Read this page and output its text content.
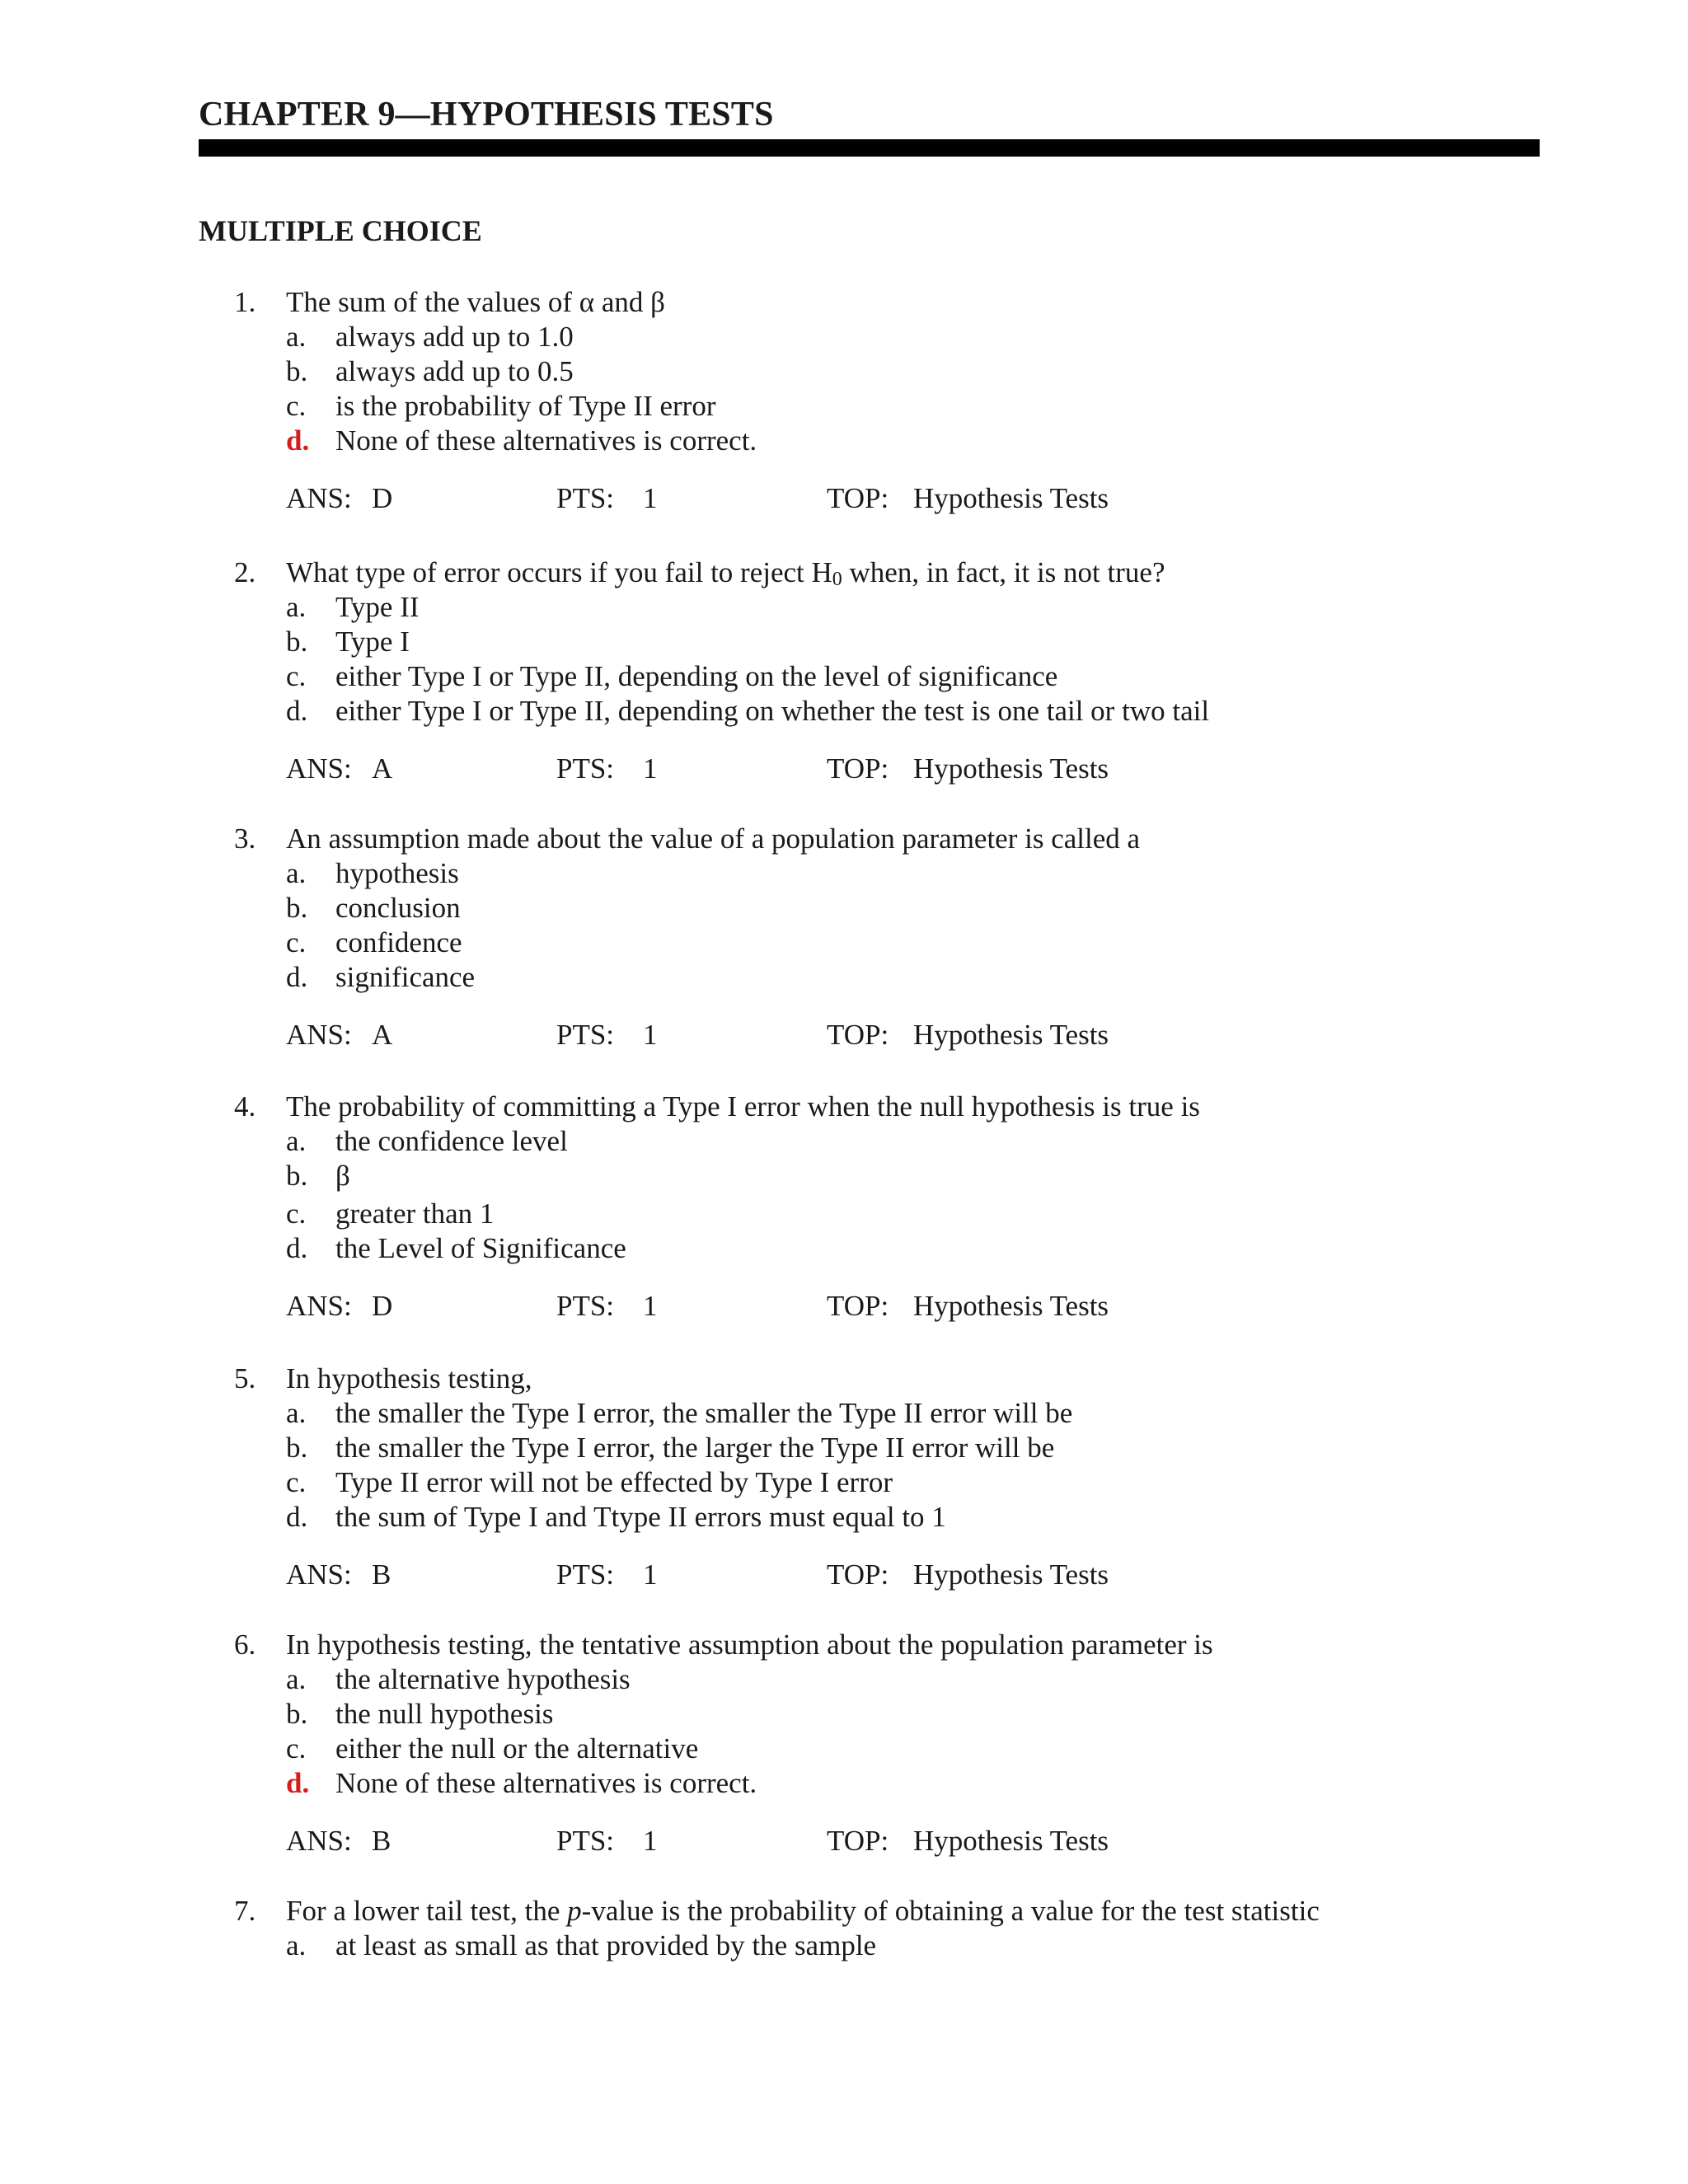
CHAPTER 9—HYPOTHESIS TESTS
MULTIPLE CHOICE
1. The sum of the values of α and β
a. always add up to 1.0
b. always add up to 0.5
c. is the probability of Type II error
d. None of these alternatives is correct.
ANS: D	PTS: 1	TOP: Hypothesis Tests
2. What type of error occurs if you fail to reject $H_0$ when, in fact, it is not true?
a. Type II
b. Type I
c. either Type I or Type II, depending on the level of significance
d. either Type I or Type II, depending on whether the test is one tail or two tail
ANS: A	PTS: 1	TOP: Hypothesis Tests
3. An assumption made about the value of a population parameter is called a
a. hypothesis
b. conclusion
c. confidence
d. significance
ANS: A	PTS: 1	TOP: Hypothesis Tests
4. The probability of committing a Type I error when the null hypothesis is true is
a. the confidence level
b. β
c. greater than 1
d. the Level of Significance
ANS: D	PTS: 1	TOP: Hypothesis Tests
5. In hypothesis testing,
a. the smaller the Type I error, the smaller the Type II error will be
b. the smaller the Type I error, the larger the Type II error will be
c. Type II error will not be effected by Type I error
d. the sum of Type I and Ttype II errors must equal to 1
ANS: B	PTS: 1	TOP: Hypothesis Tests
6. In hypothesis testing, the tentative assumption about the population parameter is
a. the alternative hypothesis
b. the null hypothesis
c. either the null or the alternative
d. None of these alternatives is correct.
ANS: B	PTS: 1	TOP: Hypothesis Tests
7. For a lower tail test, the p-value is the probability of obtaining a value for the test statistic
a. at least as small as that provided by the sample
